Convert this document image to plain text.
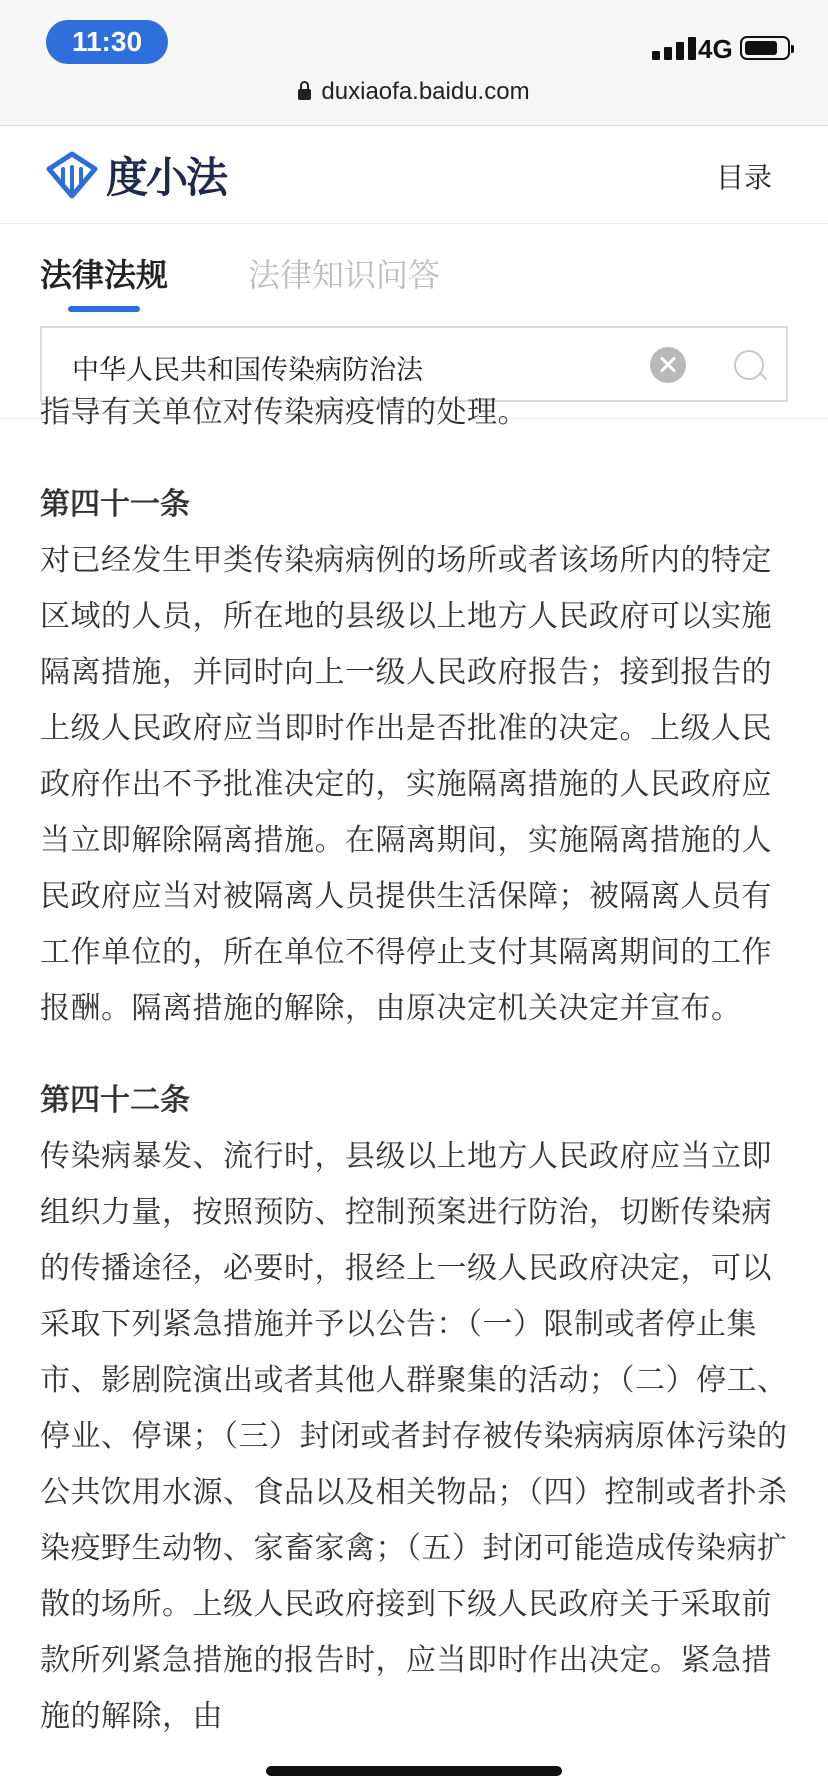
11:30	4G
duxiaofa.baidu.com
度小法	目录
法律法规 法律知识问答
中华人民共和国传染病防治法

指导有关单位对传染病疫情的处理。

第四十一条

对已经发生甲类传染病病例的场所或者该场所内的特定区域的人员，所在地的县级以上地方人民政府可以实施隔离措施，并同时向上一级人民政府报告；接到报告的上级人民政府应当即时作出是否批准的决定。上级人民政府作出不予批准决定的，实施隔离措施的人民政府应当立即解除隔离措施。在隔离期间，实施隔离措施的人民政府应当对被隔离人员提供生活保障；被隔离人员有工作单位的，所在单位不得停止支付其隔离期间的工作报酬。隔离措施的解除，由原决定机关决定并宣布。

第四十二条

传染病暴发、流行时，县级以上地方人民政府应当立即组织力量，按照预防、控制预案进行防治，切断传染病的传播途径，必要时，报经上一级人民政府决定，可以采取下列紧急措施并予以公告：（一）限制或者停止集市、影剧院演出或者其他人群聚集的活动；（二）停工、停业、停课；（三）封闭或者封存被传染病病原体污染的公共饮用水源、食品以及相关物品；（四）控制或者扑杀染疫野生动物、家畜家禽；（五）封闭可能造成传染病扩散的场所。上级人民政府接到下级人民政府关于采取前款所列紧急措施的报告时，应当即时作出决定。紧急措施的解除，由
